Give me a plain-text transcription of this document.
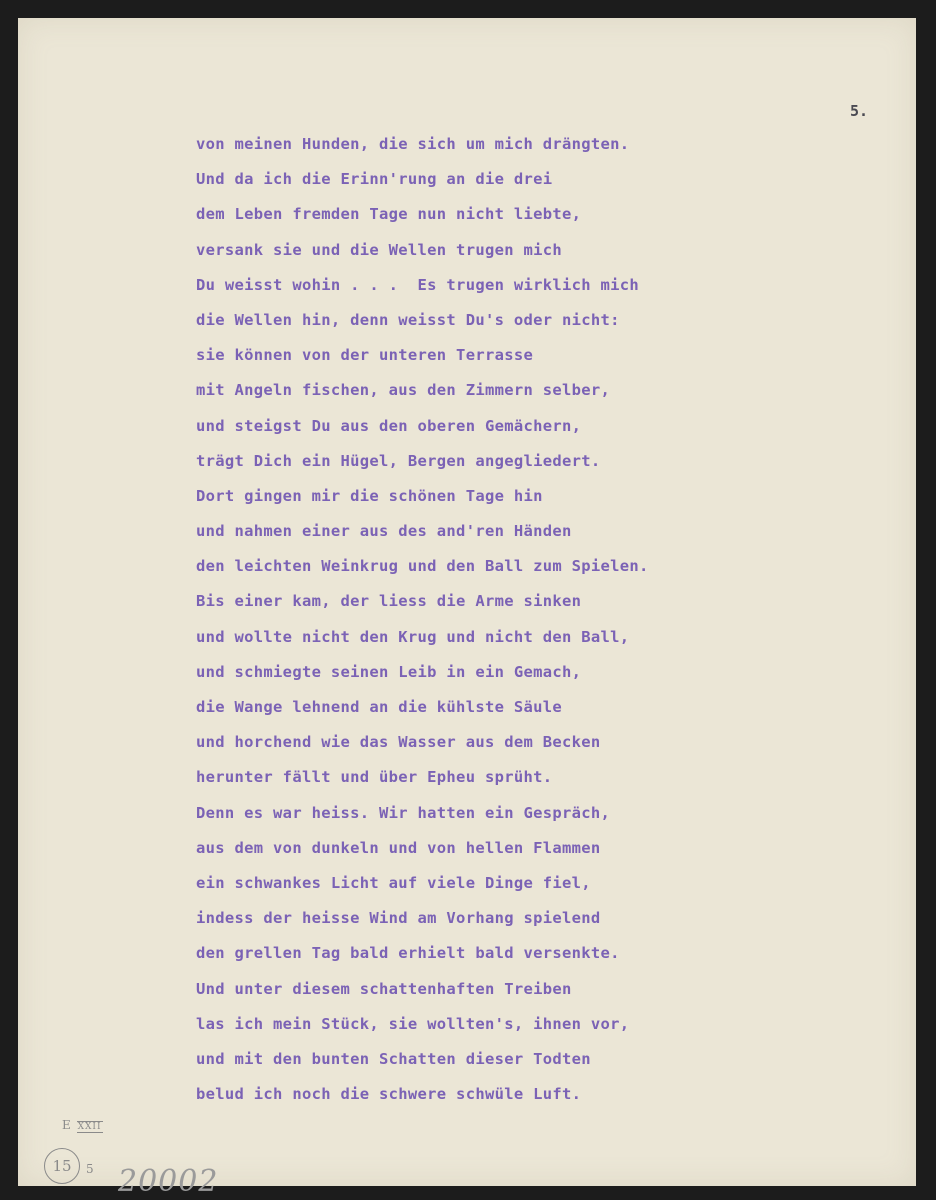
5.
von meinen Hunden, die sich um mich drängten.
Und da ich die Erinn'rung an die drei
dem Leben fremden Tage nun nicht liebte,
versank sie und die Wellen trugen mich
Du weisst wohin . . .  Es trugen wirklich mich
die Wellen hin, denn weisst Du's oder nicht:
sie können von der unteren Terrasse
mit Angeln fischen, aus den Zimmern selber,
und steigst Du aus den oberen Gemächern,
trägt Dich ein Hügel, Bergen angegliedert.
Dort gingen mir die schönen Tage hin
und nahmen einer aus des and'ren Händen
den leichten Weinkrug und den Ball zum Spielen.
Bis einer kam, der liess die Arme sinken
und wollte nicht den Krug und nicht den Ball,
und schmiegte seinen Leib in ein Gemach,
die Wange lehnend an die kühlste Säule
und horchend wie das Wasser aus dem Becken
herunter fällt und über Epheu sprüht.
Denn es war heiss. Wir hatten ein Gespräch,
aus dem von dunkeln und von hellen Flammen
ein schwankes Licht auf viele Dinge fiel,
indess der heisse Wind am Vorhang spielend
den grellen Tag bald erhielt bald versenkte.
Und unter diesem schattenhaften Treiben
las ich mein Stück, sie wollten's, ihnen vor,
und mit den bunten Schatten dieser Todten
belud ich noch die schwere schwüle Luft.
E XXII
15	5 20002
